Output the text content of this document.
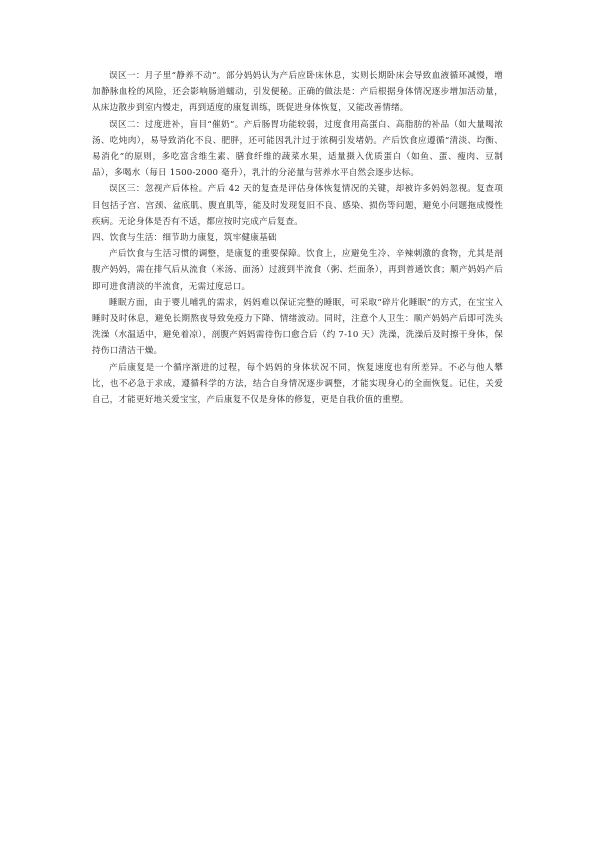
误区一：月子里“静养不动”。部分妈妈认为产后应卧床休息，实则长期卧床会导致血液循环减慢，增加静脉血栓的风险，还会影响肠道蠕动，引发便秘。正确的做法是：产后根据身体情况逐步增加活动量，从床边散步到室内慢走，再到适度的康复训练，既促进身体恢复，又能改善情绪。

误区二：过度进补，盲目“催奶”。产后肠胃功能较弱，过度食用高蛋白、高脂肪的补品（如大量喝浓汤、吃炖肉），易导致消化不良、肥胖，还可能因乳汁过于浓稠引发堵奶。产后饮食应遵循“清淡、均衡、易消化”的原则，多吃富含维生素、膳食纤维的蔬菜水果，适量摄入优质蛋白（如鱼、蛋、瘦肉、豆制品），多喝水（每日 1500-2000 毫升），乳汁的分泌量与营养水平自然会逐步达标。

误区三：忽视产后体检。产后 42 天的复查是评估身体恢复情况的关键，却被许多妈妈忽视。复查项目包括子宫、宫颈、盆底肌、腹直肌等，能及时发现复旧不良、感染、损伤等问题，避免小问题拖成慢性疾病。无论身体是否有不适，都应按时完成产后复查。

四、饮食与生活：细节助力康复，筑牢健康基础

产后饮食与生活习惯的调整，是康复的重要保障。饮食上，应避免生冷、辛辣刺激的食物，尤其是剖腹产妈妈，需在排气后从流食（米汤、面汤）过渡到半流食（粥、烂面条），再到普通饮食；顺产妈妈产后即可进食清淡的半流食，无需过度忌口。

睡眠方面，由于婴儿哺乳的需求，妈妈难以保证完整的睡眠，可采取“碎片化睡眠”的方式，在宝宝入睡时及时休息，避免长期熬夜导致免疫力下降、情绪波动。同时，注意个人卫生：顺产妈妈产后即可洗头洗澡（水温适中，避免着凉），剖腹产妈妈需待伤口愈合后（约 7-10 天）洗澡，洗澡后及时擦干身体，保持伤口清洁干燥。

产后康复是一个循序渐进的过程，每个妈妈的身体状况不同，恢复速度也有所差异。不必与他人攀比，也不必急于求成，遵循科学的方法，结合自身情况逐步调整，才能实现身心的全面恢复。记住，关爱自己，才能更好地关爱宝宝，产后康复不仅是身体的修复，更是自我价值的重塑。
